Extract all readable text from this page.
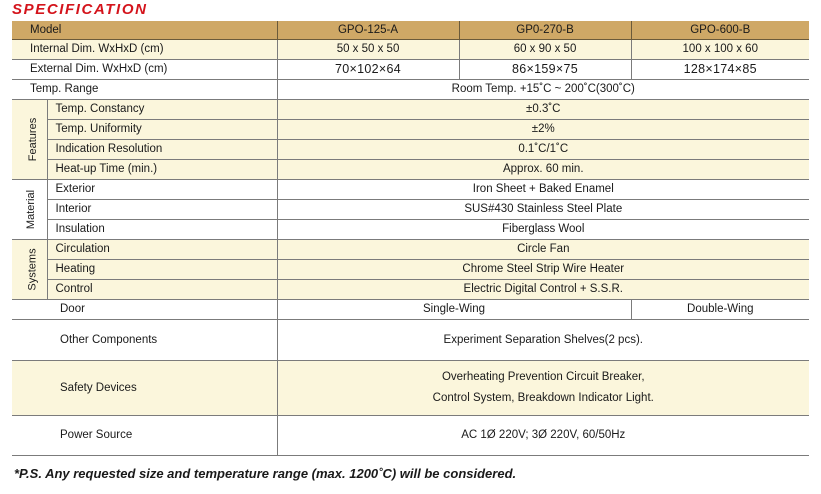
SPECIFICATION
Model		GPO-125-A	GP0-270-B	GPO-600-B
Internal Dim. WxHxD (cm)		50 x 50 x 50	60 x 90 x 50	100 x 100 x 60
External Dim. WxHxD (cm)		70×102×64	86×159×75	128×174×85
Temp. Range		Room Temp. +15˚C ~ 200˚C(300˚C)		
Features	Temp. Constancy	±0.3˚C		
	Temp. Uniformity	±2%		
	Indication Resolution	0.1˚C/1˚C		
	Heat-up Time (min.)	Approx. 60 min.		
Material	Exterior	Iron Sheet + Baked Enamel		
	Interior	SUS#430 Stainless Steel Plate		
	Insulation	Fiberglass Wool		
Systems	Circulation	Circle Fan		
	Heating	Chrome Steel Strip Wire Heater		
	Control	Electric Digital Control + S.S.R.		
Door		Single-Wing		Double-Wing
Other Components		Experiment Separation Shelves(2 pcs).		
Safety Devices		Overheating Prevention Circuit Breaker,
Control System, Breakdown Indicator Light.		

Power Source		AC 1Ø 220V; 3Ø 220V, 60/50Hz		

*P.S. Any requested size and temperature range (max. 1200˚C) will be considered.
